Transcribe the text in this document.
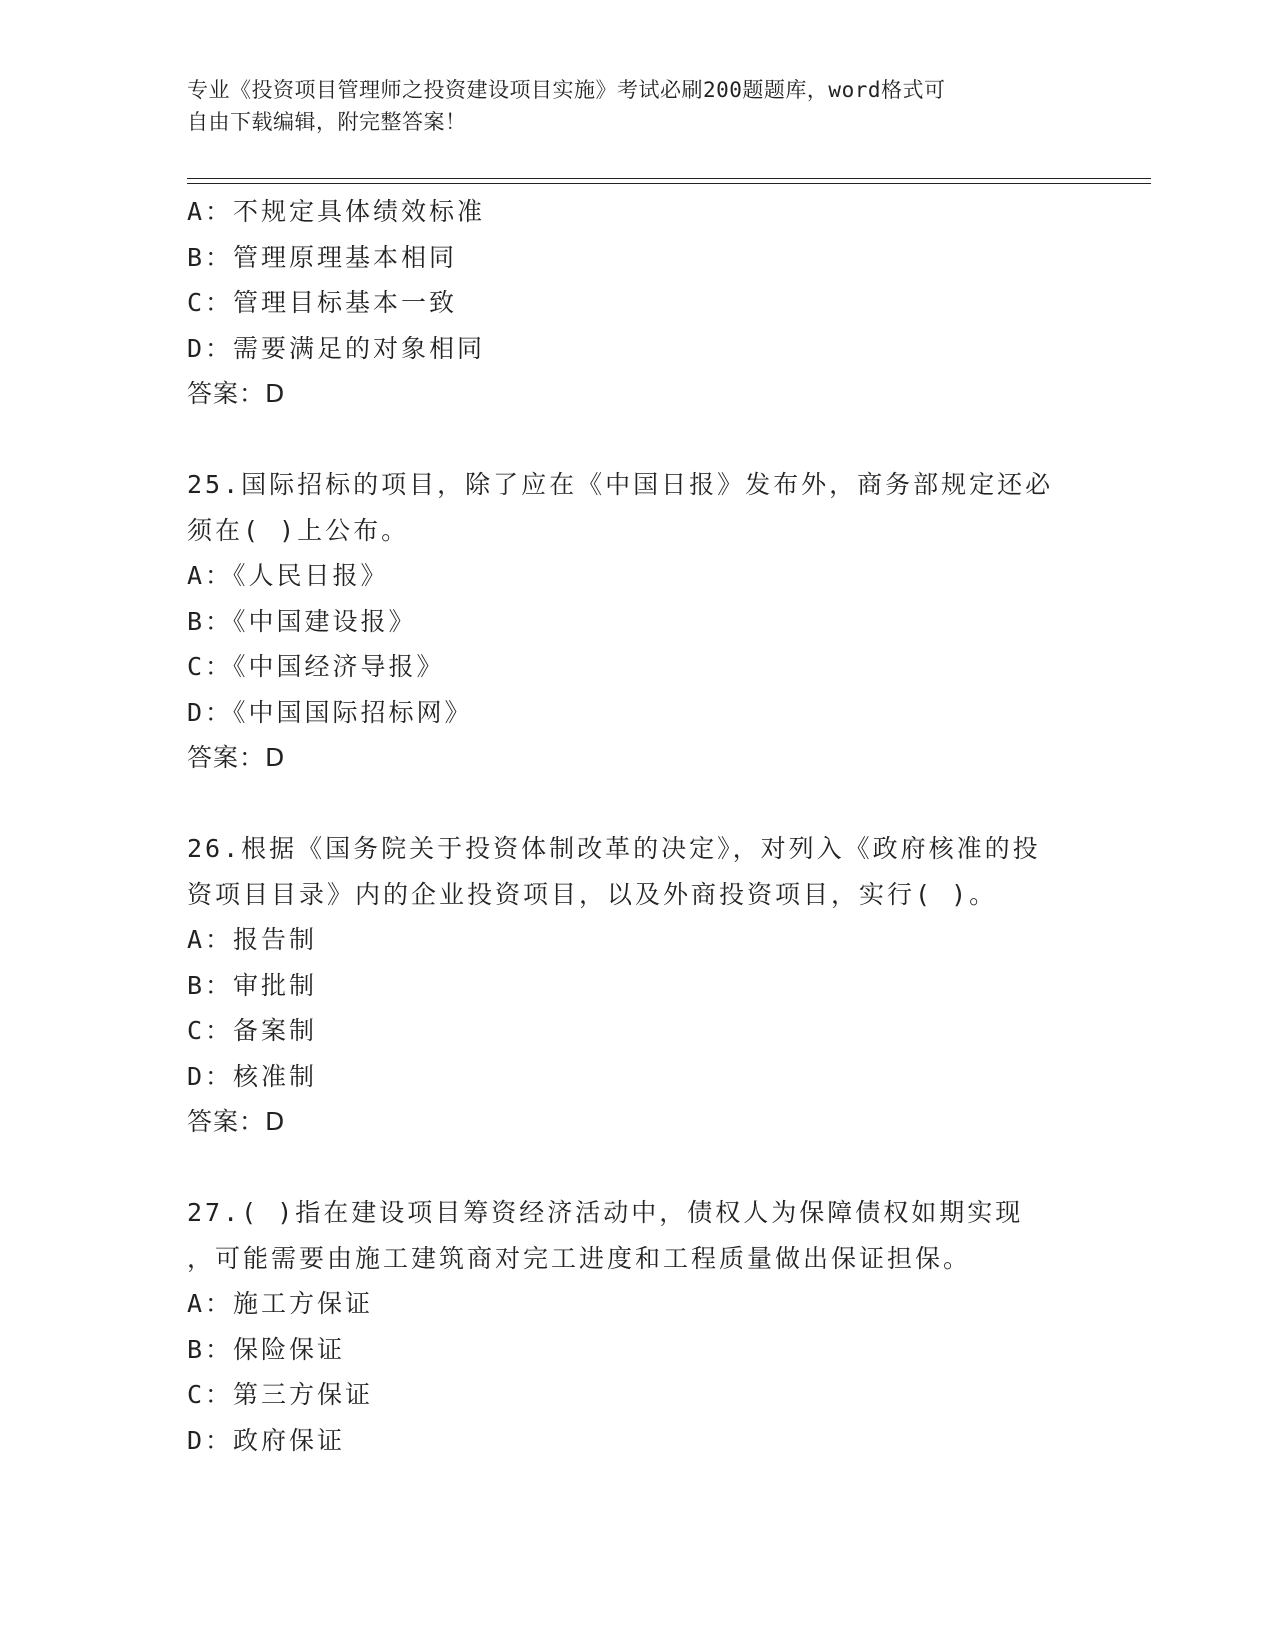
专业《投资项目管理师之投资建设项目实施》考试必刷200题题库，word格式可
自由下载编辑，附完整答案！
A：不规定具体绩效标准
B：管理原理基本相同
C：管理目标基本一致
D：需要满足的对象相同
答案：D
25.国际招标的项目，除了应在《中国日报》发布外，商务部规定还必
须在( )上公布。
A：《人民日报》
B：《中国建设报》
C：《中国经济导报》
D：《中国国际招标网》
答案：D
26.根据《国务院关于投资体制改革的决定》，对列入《政府核准的投
资项目目录》内的企业投资项目，以及外商投资项目，实行( )。
A：报告制
B：审批制
C：备案制
D：核准制
答案：D
27.( )指在建设项目筹资经济活动中，债权人为保障债权如期实现
，可能需要由施工建筑商对完工进度和工程质量做出保证担保。
A：施工方保证
B：保险保证
C：第三方保证
D：政府保证
